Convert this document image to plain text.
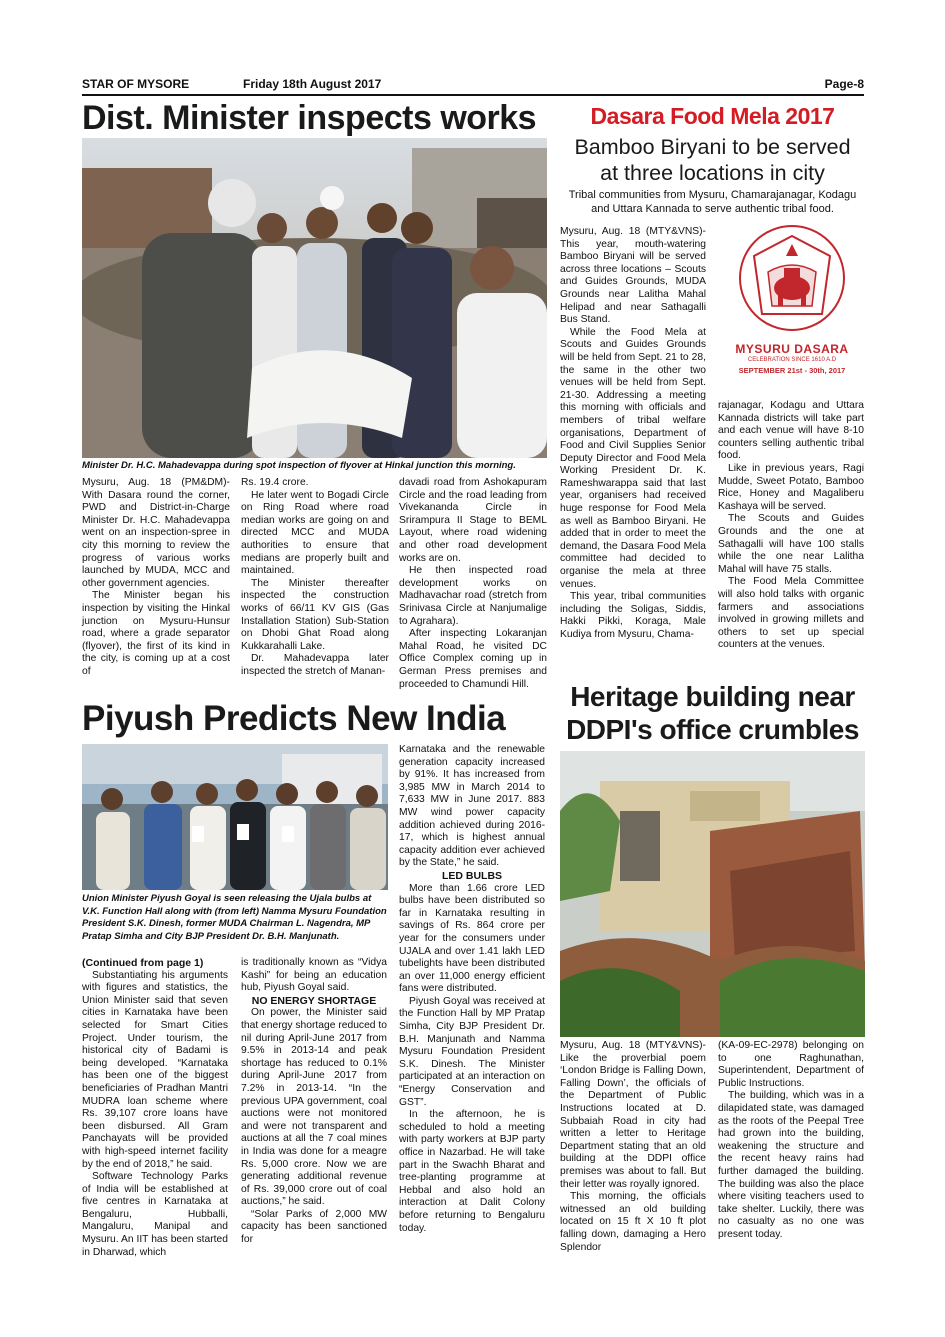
STAR OF MYSORE	Friday 18th August 2017	Page-8
Dist. Minister inspects works
Minister Dr. H.C. Mahadevappa during spot inspection of flyover at Hinkal junction this morning.

Mysuru, Aug. 18 (PM&DM)- With Dasara round the corner, PWD and District-in-Charge Minister Dr. H.C. Mahadevappa went on an inspection-spree in city this morning to review the progress of various works launched by MUDA, MCC and other government agencies.

The Minister began his inspection by visiting the Hinkal junction on Mysuru-Hunsur road, where a grade separator (flyover), the first of its kind in the city, is coming up at a cost of

Rs. 19.4 crore.

He later went to Bogadi Circle on Ring Road where road median works are going on and directed MCC and MUDA authorities to ensure that medians are properly built and maintained.

The Minister thereafter inspected the construction works of 66/11 KV GIS (Gas Installation Station) Sub-Station on Dhobi Ghat Road along Kukkarahalli Lake.

Dr. Mahadevappa later inspected the stretch of Manan-

davadi road from Ashokapuram Circle and the road leading from Vivekananda Circle in Srirampura II Stage to BEML Layout, where road widening and other road development works are on.

He then inspected road development works on Madhavachar road (stretch from Srinivasa Circle at Nanjumalige to Agrahara).

After inspecting Lokaranjan Mahal Road, he visited DC Office Complex coming up in German Press premises and proceeded to Chamundi Hill.

Dasara Food Mela 2017
Bamboo Biryani to be served
at three locations in city
Tribal communities from Mysuru, Chamarajanagar, Kodagu and Uttara Kannada to serve authentic tribal food.

Mysuru, Aug. 18 (MTY&VNS)- This year, mouth-watering Bamboo Biryani will be served across three locations – Scouts and Guides Grounds, MUDA Grounds near Lalitha Mahal Helipad and near Sathagalli Bus Stand.

While the Food Mela at Scouts and Guides Grounds will be held from Sept. 21 to 28, the same in the other two venues will be held from Sept. 21-30. Addressing a meeting this morning with officials and members of tribal welfare organisations, Department of Food and Civil Supplies Senior Deputy Director and Food Mela Working President Dr. K. Rameshwarappa said that last year, organisers had received huge response for Food Mela as well as Bamboo Biryani. He added that in order to meet the demand, the Dasara Food Mela committee had decided to organise the mela at three venues.

This year, tribal communities including the Soligas, Siddis, Hakki Pikki, Koraga, Male Kudiya from Mysuru, Chama-

MYSURU DASARA
CELEBRATION SINCE 1610 A.D
SEPTEMBER 21st - 30th, 2017

rajanagar, Kodagu and Uttara Kannada districts will take part and each venue will have 8-10 counters selling authentic tribal food.

Like in previous years, Ragi Mudde, Sweet Potato, Bamboo Rice, Honey and Magaliberu Kashaya will be served.

The Scouts and Guides Grounds and the one at Sathagalli will have 100 stalls while the one near Lalitha Mahal will have 75 stalls.

The Food Mela Committee will also hold talks with organic farmers and associations involved in growing millets and others to set up special counters at the venues.

Piyush Predicts New India
Union Minister Piyush Goyal is seen releasing the Ujala bulbs at V.K. Function Hall along with (from left) Namma Mysuru Foundation President S.K. Dinesh, former MUDA Chairman L. Nagendra, MP Pratap Simha and City BJP President Dr. B.H. Manjunath.

(Continued from page 1)

Substantiating his arguments with figures and statistics, the Union Minister said that seven cities in Karnataka have been selected for Smart Cities Project. Under tourism, the historical city of Badami is being developed. “Karnataka has been one of the biggest beneficiaries of Pradhan Mantri MUDRA loan scheme where Rs. 39,107 crore loans have been disbursed. All Gram Panchayats will be provided with high-speed internet facility by the end of 2018,” he said.

Software Technology Parks of India will be established at five centres in Karnataka at Bengaluru, Hubballi, Mangaluru, Manipal and Mysuru. An IIT has been started in Dharwad, which

is traditionally known as “Vidya Kashi” for being an education hub, Piyush Goyal said.

NO ENERGY SHORTAGE

On power, the Minister said that energy shortage reduced to nil during April-June 2017 from 9.5% in 2013-14 and peak shortage has reduced to 0.1% during April-June 2017 from 7.2% in 2013-14. “In the previous UPA government, coal auctions were not monitored and were not transparent and auctions at all the 7 coal mines in India was done for a meagre Rs. 5,000 crore. Now we are generating additional revenue of Rs. 39,000 crore out of coal auctions,” he said.

“Solar Parks of 2,000 MW capacity has been sanctioned for

Karnataka and the renewable generation capacity increased by 91%. It has increased from 3,985 MW in March 2014 to 7,633 MW in June 2017. 883 MW wind power capacity addition achieved during 2016-17, which is highest annual capacity addition ever achieved by the State,” he said.

LED BULBS

More than 1.66 crore LED bulbs have been distributed so far in Karnataka resulting in savings of Rs. 864 crore per year for the consumers under UJALA and over 1.41 lakh LED tubelights have been distributed an over 11,000 energy efficient fans were distributed.

Piyush Goyal was received at the Function Hall by MP Pratap Simha, City BJP President Dr. B.H. Manjunath and Namma Mysuru Foundation President S.K. Dinesh. The Minister participated at an interaction on “Energy Conservation and GST”.

In the afternoon, he is scheduled to hold a meeting with party workers at BJP party office in Nazarbad. He will take part in the Swachh Bharat and tree-planting programme at Hebbal and also hold an interaction at Dalit Colony before returning to Bengaluru today.

Heritage building near
DDPI's office crumbles

Mysuru, Aug. 18 (MTY&VNS)- Like the proverbial poem ‘London Bridge is Falling Down, Falling Down’, the officials of the Department of Public Instructions located at D. Subbaiah Road in city had written a letter to Heritage Department stating that an old building at the DDPI office premises was about to fall. But their letter was royally ignored.

This morning, the officials witnessed an old building located on 15 ft X 10 ft plot falling down, damaging a Hero Splendor

(KA-09-EC-2978) belonging on to one Raghunathan, Superintendent, Department of Public Instructions.

The building, which was in a dilapidated state, was damaged as the roots of the Peepal Tree had grown into the building, weakening the structure and the recent heavy rains had further damaged the building. The building was also the place where visiting teachers used to take shelter. Luckily, there was no casualty as no one was present today.
